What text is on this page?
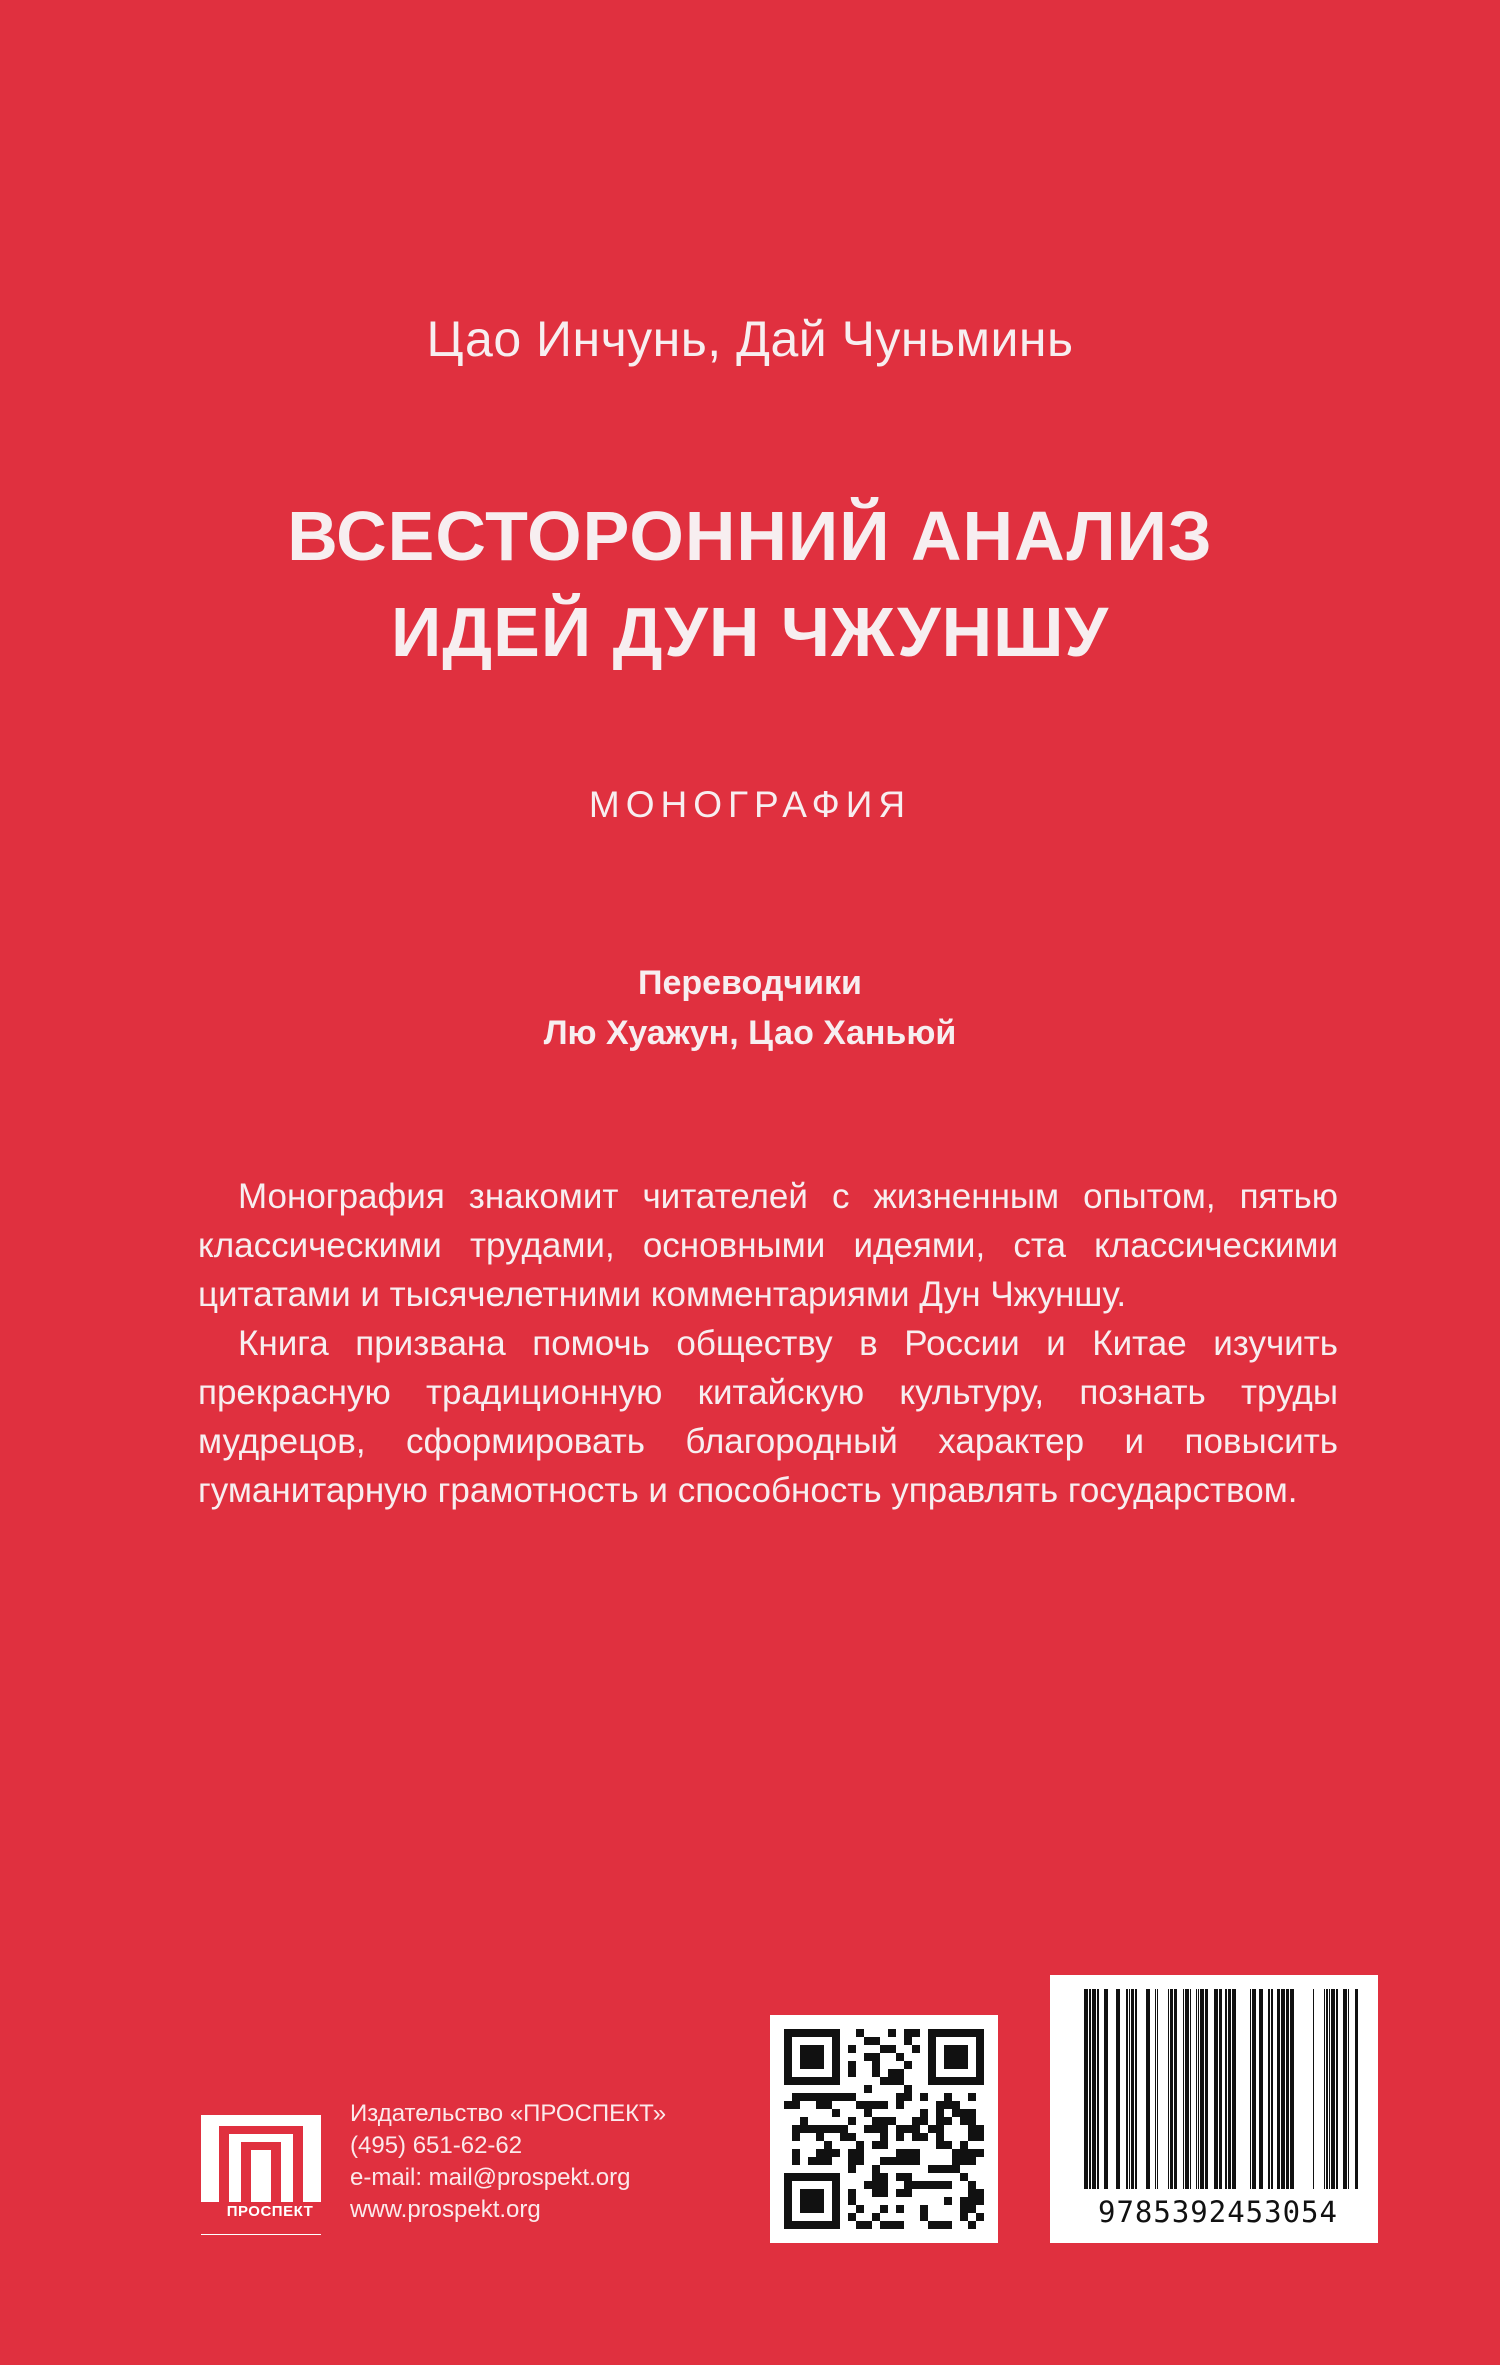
Цао Инчунь, Дай Чуньминь
ВСЕСТОРОННИЙ АНАЛИЗ
ИДЕЙ ДУН ЧЖУНШУ
МОНОГРАФИЯ
Переводчики
Лю Хуажун, Цао Ханьюй

Монография знакомит читателей с жизненным опытом, пятью классическими трудами, основными идеями, ста классическими цитатами и тысячелетними комментариями Дун Чжуншу.

Книга призвана помочь обществу в России и Китае изучить прекрасную традиционную китайскую культуру, познать труды мудрецов, сформировать благородный характер и повысить гуманитарную грамотность и способность управлять государством.

ПРОСПЕКТ
Издательство «ПРОСПЕКТ»
(495) 651-62-62
e-mail: mail@prospekt.org
www.prospekt.org	9785392453054
